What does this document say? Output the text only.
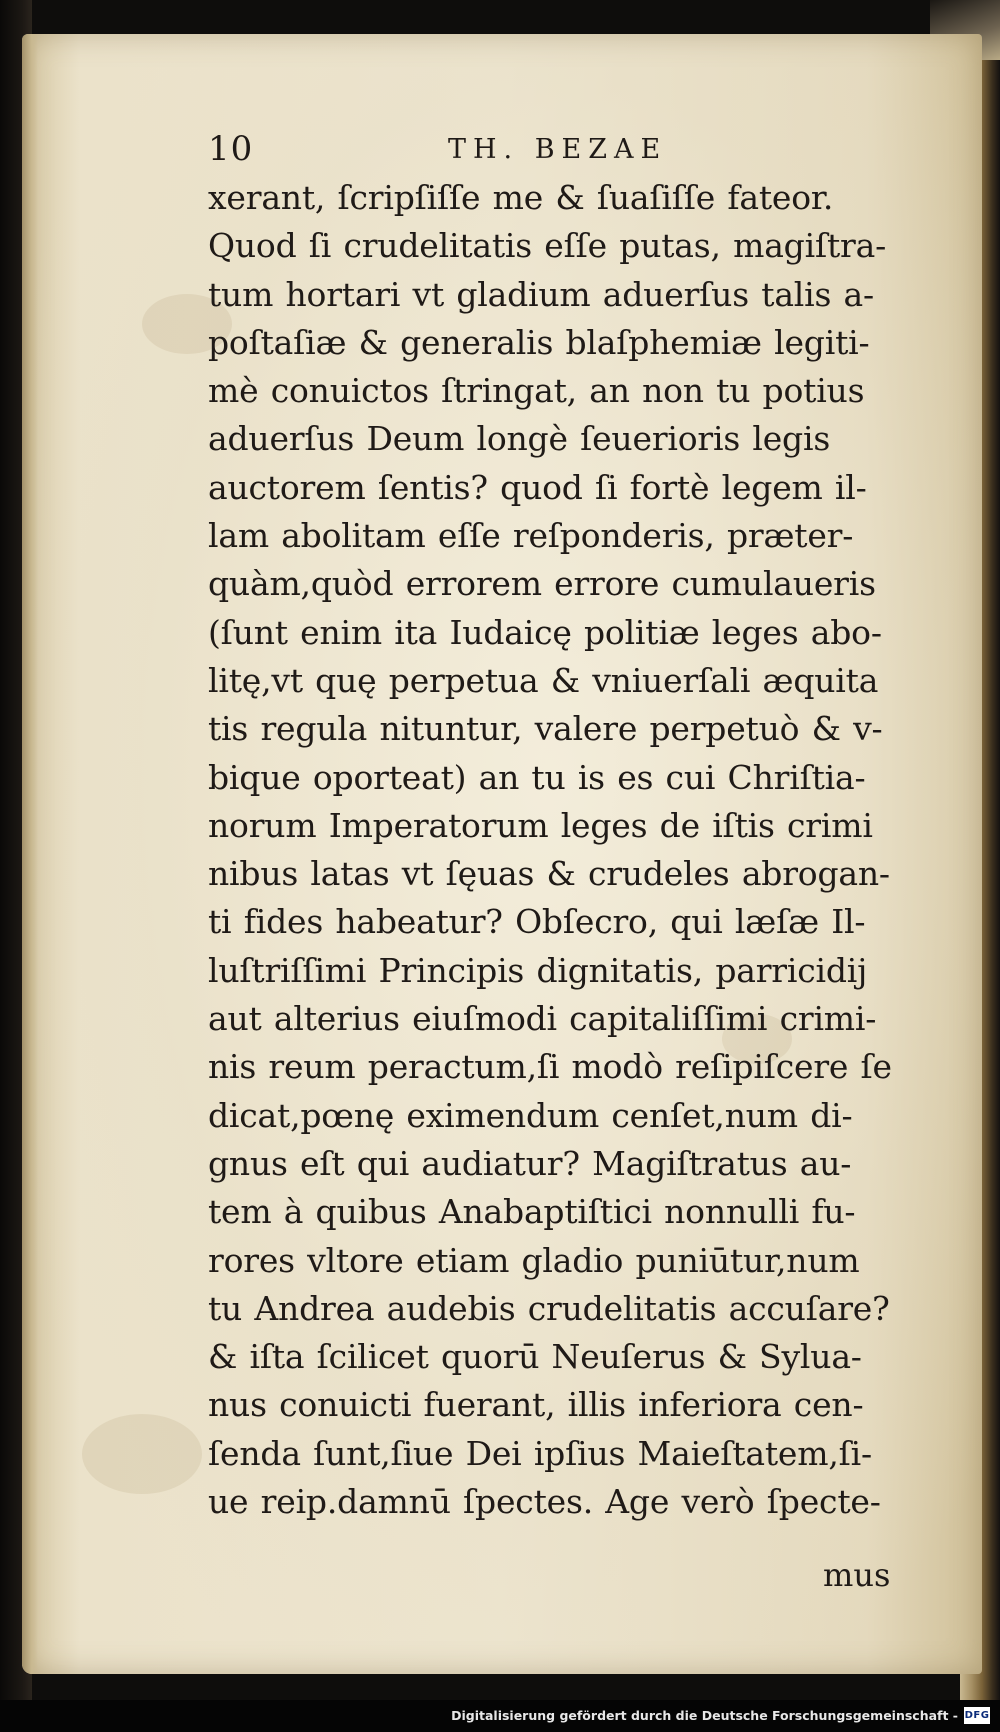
10	TH. BEZAE
xerant, ſcripſiſſe me & ſuaſiſſe fateor.
Quod ſi crudelitatis eſſe putas, magiſtra-
tum hortari vt gladium aduerſus talis a-
poſtaſiæ & generalis blaſphemiæ legiti-
mè conuictos ſtringat, an non tu potius
aduerſus Deum longè ſeuerioris legis
auctorem ſentis? quod ſi fortè legem il-
lam abolitam eſſe reſponderis, præter-
quàm,quòd errorem errore cumulaueris
(ſunt enim ita Iudaicę politiæ leges abo-
litę,vt quę perpetua & vniuerſali æquita
tis regula nituntur, valere perpetuò & v-
bique oporteat) an tu is es cui Chriſtia-
norum Imperatorum leges de iſtis crimi
nibus latas vt ſęuas & crudeles abrogan-
ti fides habeatur? Obſecro, qui læſæ Il-
luſtriſſimi Principis dignitatis, parricidij
aut alterius eiuſmodi capitaliſſimi crimi-
nis reum peractum,ſi modò reſipiſcere ſe
dicat,pœnę eximendum cenſet,num di-
gnus eſt qui audiatur? Magiſtratus au-
tem à quibus Anabaptiſtici nonnulli fu-
rores vltore etiam gladio puniūtur,num
tu Andrea audebis crudelitatis accuſare?
& iſta ſcilicet quorū Neuſerus & Sylua-
nus conuicti fuerant, illis inferiora cen-
ſenda ſunt,ſiue Dei ipſius Maieſtatem,ſi-
ue reip.damnū ſpectes. Age verò ſpecte-
mus
Digitalisierung gefördert durch die Deutsche Forschungsgemeinschaft - DFG
